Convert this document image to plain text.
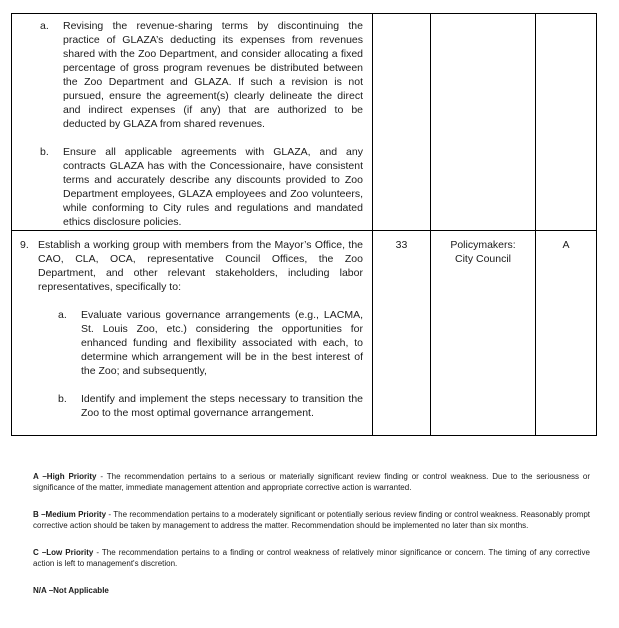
a. Revising the revenue-sharing terms by discontinuing the practice of GLAZA’s deducting its expenses from revenues shared with the Zoo Department, and consider allocating a fixed percentage of gross program revenues be distributed between the Zoo Department and GLAZA. If such a revision is not pursued, ensure the agreement(s) clearly delineate the direct and indirect expenses (if any) that are authorized to be deducted by GLAZA from shared revenues.
b. Ensure all applicable agreements with GLAZA, and any contracts GLAZA has with the Concessionaire, have consistent terms and accurately describe any discounts provided to Zoo Department employees, GLAZA employees and Zoo volunteers, while conforming to City rules and regulations and mandated ethics disclosure policies.
9. Establish a working group with members from the Mayor’s Office, the CAO, CLA, OCA, representative Council Offices, the Zoo Department, and other relevant stakeholders, including labor representatives, specifically to:
a. Evaluate various governance arrangements (e.g., LACMA, St. Louis Zoo, etc.) considering the opportunities for enhanced funding and flexibility associated with each, to determine which arrangement will be in the best interest of the Zoo; and subsequently,
b. Identify and implement the steps necessary to transition the Zoo to the most optimal governance arrangement.
33	Policymakers:
City Council
A

A –High Priority - The recommendation pertains to a serious or materially significant review finding or control weakness. Due to the seriousness or significance of the matter, immediate management attention and appropriate corrective action is warranted.

B –Medium Priority - The recommendation pertains to a moderately significant or potentially serious review finding or control weakness. Reasonably prompt corrective action should be taken by management to address the matter. Recommendation should be implemented no later than six months.

C –Low Priority - The recommendation pertains to a finding or control weakness of relatively minor significance or concern. The timing of any corrective action is left to management's discretion.

N/A –Not Applicable
